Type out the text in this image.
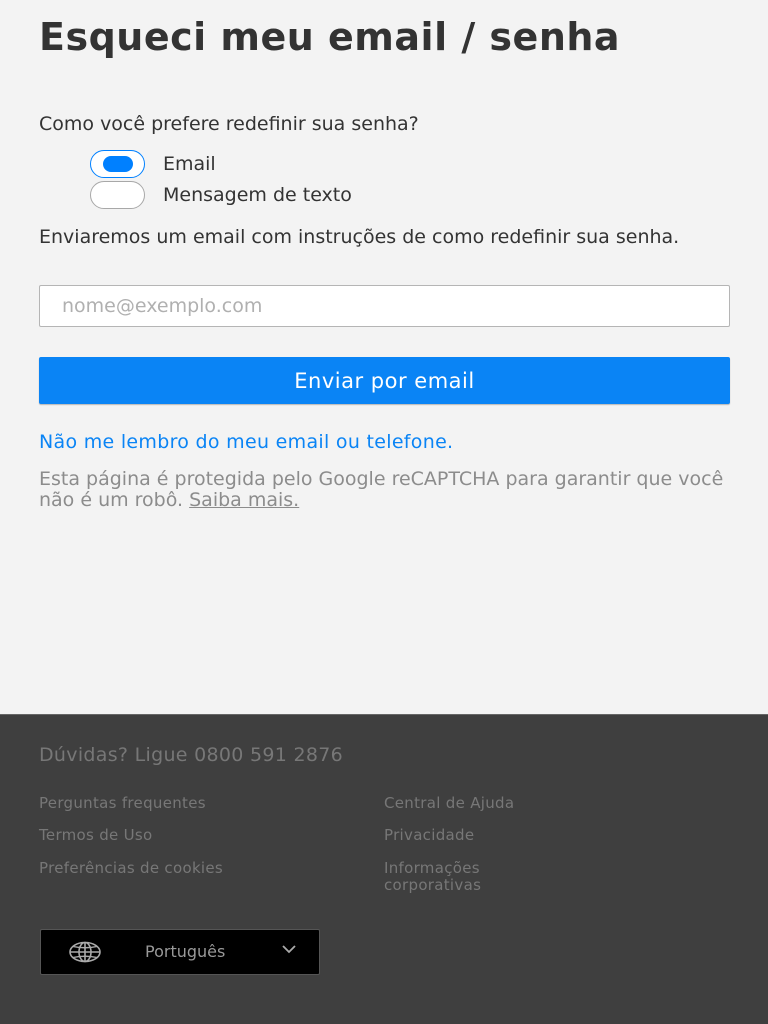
Esqueci meu email / senha
Como você prefere redefinir sua senha?
Email
Mensagem de texto
Enviaremos um email com instruções de como redefinir sua senha.
nome@exemplo.com
Enviar por email
Não me lembro do meu email ou telefone.
Esta página é protegida pelo Google reCAPTCHA para garantir que você não é um robô. Saiba mais.
Dúvidas? Ligue 0800 591 2876
Perguntas frequentes	Central de Ajuda
Termos de Uso	Privacidade
Preferências de cookies	Informações corporativas
Português
